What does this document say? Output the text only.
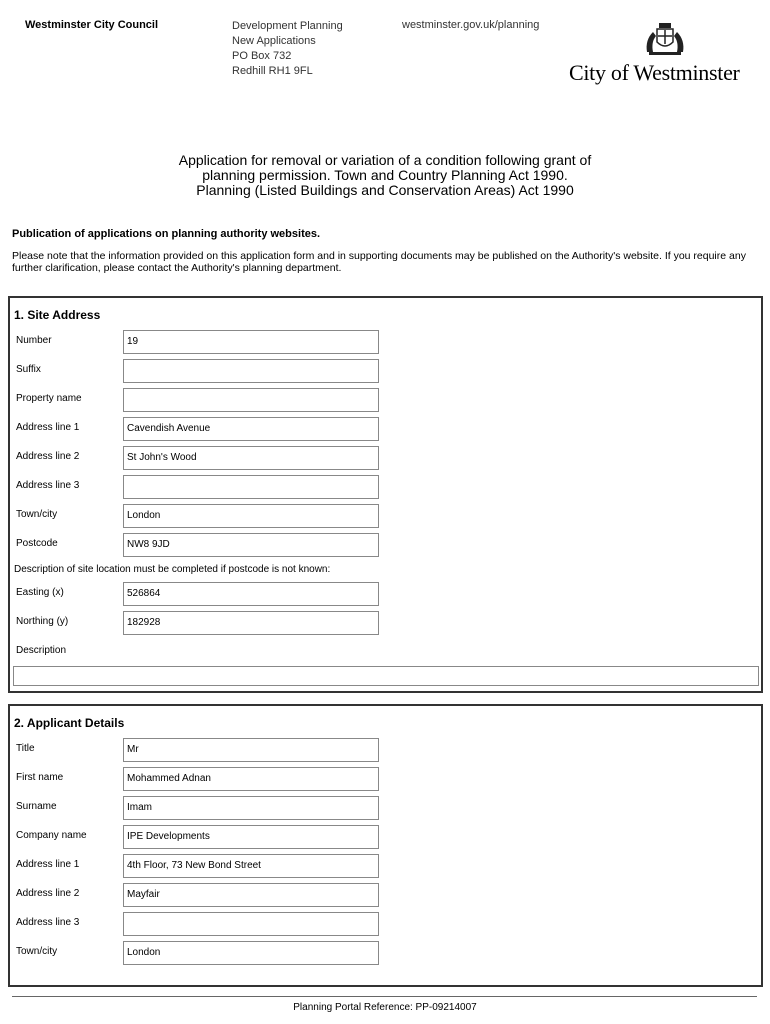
Westminster City Council	Development Planning
New Applications
PO Box 732
Redhill RH1 9FL
westminster.gov.uk/planning
City of Westminster
Application for removal or variation of a condition following grant of
planning permission. Town and Country Planning Act 1990.
Planning (Listed Buildings and Conservation Areas) Act 1990
Publication of applications on planning authority websites.
Please note that the information provided on this application form and in supporting documents may be published on the Authority's website. If you require any further clarification, please contact the Authority's planning department.
1. Site Address
Number	19
Suffix
Property name
Address line 1	Cavendish Avenue
Address line 2	St John's Wood
Address line 3
Town/city	London
Postcode	NW8 9JD
Description of site location must be completed if postcode is not known:
Easting (x)	526864
Northing (y)	182928
Description
2. Applicant Details
Title	Mr
First name	Mohammed Adnan
Surname	Imam
Company name	IPE Developments
Address line 1	4th Floor, 73 New Bond Street
Address line 2	Mayfair
Address line 3
Town/city	London
Planning Portal Reference: PP-09214007
